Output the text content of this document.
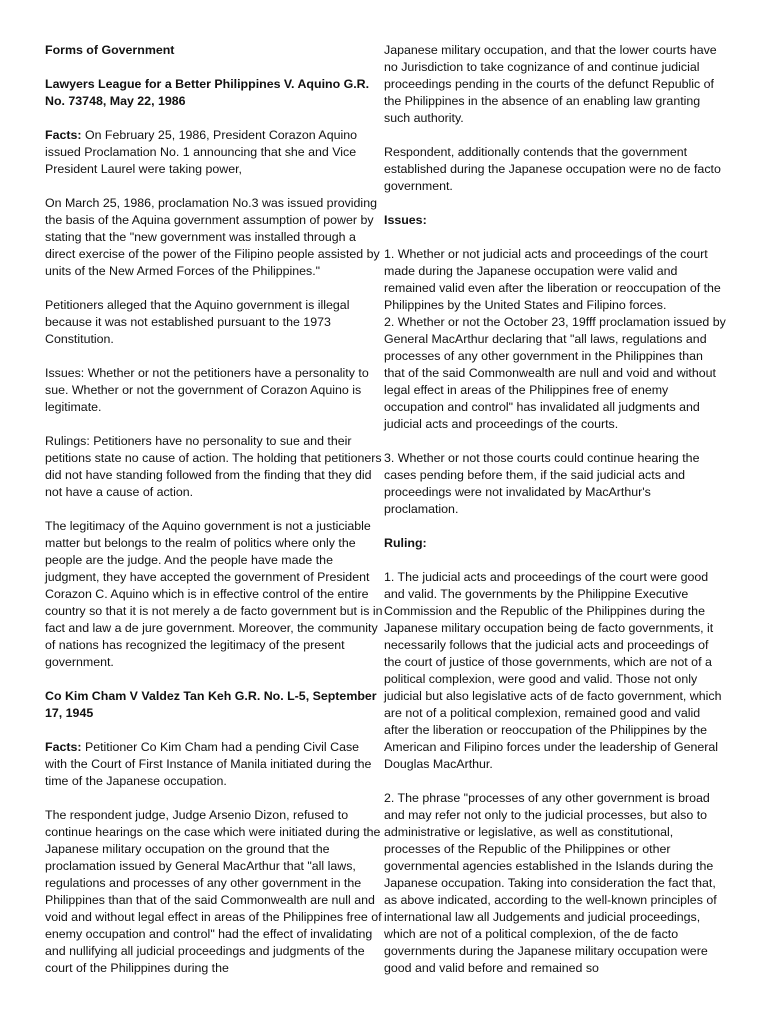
Forms of Government

Lawyers League for a Better Philippines V. Aquino G.R. No. 73748, May 22, 1986

Facts: On February 25, 1986, President Corazon Aquino issued Proclamation No. 1 announcing that she and Vice President Laurel were taking power,

On March 25, 1986, proclamation No.3 was issued providing the basis of the Aquina government assumption of power by stating that the "new government was installed through a direct exercise of the power of the Filipino people assisted by units of the New Armed Forces of the Philippines."

Petitioners alleged that the Aquino government is illegal because it was not established pursuant to the 1973 Constitution.

Issues: Whether or not the petitioners have a personality to sue. Whether or not the government of Corazon Aquino is legitimate.

Rulings: Petitioners have no personality to sue and their petitions state no cause of action. The holding that petitioners did not have standing followed from the finding that they did not have a cause of action.

The legitimacy of the Aquino government is not a justiciable matter but belongs to the realm of politics where only the people are the judge. And the people have made the judgment, they have accepted the government of President Corazon C. Aquino which is in effective control of the entire country so that it is not merely a de facto government but is in fact and law a de jure government. Moreover, the community of nations has recognized the legitimacy of the present government.

Co Kim Cham V Valdez Tan Keh G.R. No. L-5, September 17, 1945

Facts: Petitioner Co Kim Cham had a pending Civil Case with the Court of First Instance of Manila initiated during the time of the Japanese occupation.

The respondent judge, Judge Arsenio Dizon, refused to continue hearings on the case which were initiated during the Japanese military occupation on the ground that the proclamation issued by General MacArthur that "all laws, regulations and processes of any other government in the Philippines than that of the said Commonwealth are null and void and without legal effect in areas of the Philippines free of enemy occupation and control" had the effect of invalidating and nullifying all judicial proceedings and judgments of the court of the Philippines during the

Japanese military occupation, and that the lower courts have no Jurisdiction to take cognizance of and continue judicial proceedings pending in the courts of the defunct Republic of the Philippines in the absence of an enabling law granting such authority.

Respondent, additionally contends that the government established during the Japanese occupation were no de facto government.

Issues:

1. Whether or not judicial acts and proceedings of the court made during the Japanese occupation were valid and remained valid even after the liberation or reoccupation of the Philippines by the United States and Filipino forces.

2. Whether or not the October 23, 19fff proclamation issued by General MacArthur declaring that "all laws, regulations and processes of any other government in the Philippines than that of the said Commonwealth are null and void and without legal effect in areas of the Philippines free of enemy occupation and control" has invalidated all judgments and judicial acts and proceedings of the courts.

3. Whether or not those courts could continue hearing the cases pending before them, if the said judicial acts and proceedings were not invalidated by MacArthur's proclamation.

Ruling:

1. The judicial acts and proceedings of the court were good and valid. The governments by the Philippine Executive Commission and the Republic of the Philippines during the Japanese military occupation being de facto governments, it necessarily follows that the judicial acts and proceedings of the court of justice of those governments, which are not of a political complexion, were good and valid. Those not only judicial but also legislative acts of de facto government, which are not of a political complexion, remained good and valid after the liberation or reoccupation of the Philippines by the American and Filipino forces under the leadership of General Douglas MacArthur.

2. The phrase "processes of any other government is broad and may refer not only to the judicial processes, but also to administrative or legislative, as well as constitutional, processes of the Republic of the Philippines or other governmental agencies established in the Islands during the Japanese occupation. Taking into consideration the fact that, as above indicated, according to the well-known principles of international law all Judgements and judicial proceedings, which are not of a political complexion, of the de facto governments during the Japanese military occupation were good and valid before and remained so
